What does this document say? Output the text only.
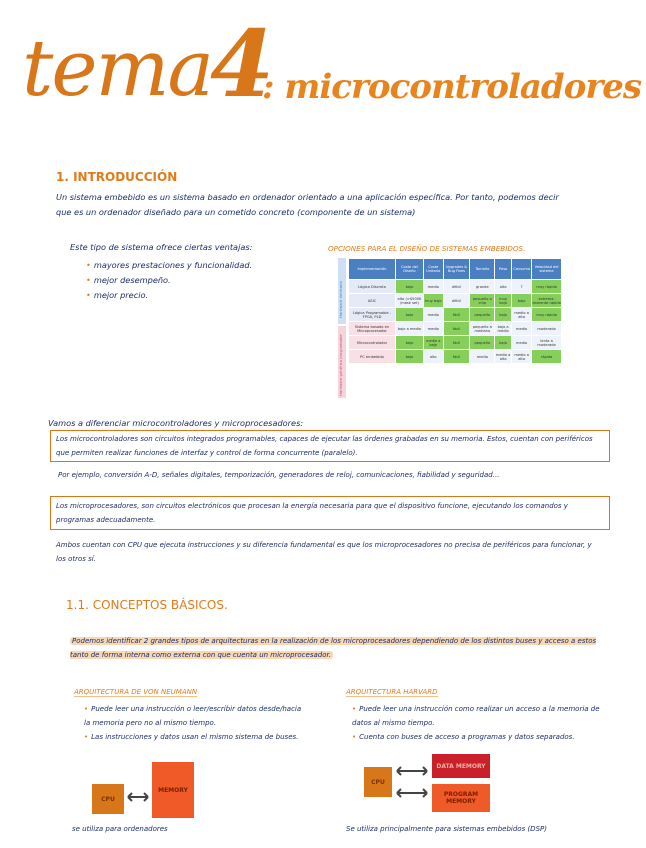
tema
4
: microcontroladores
1. INTRODUCCIÓN
Un sistema embebido es un sistema basado en ordenador orientado a una aplicación específica. Por tanto, podemos decir que es un ordenador diseñado para un cometido concreto (componente de un sistema)
Este tipo de sistema ofrece ciertas ventajas:
• mayores prestaciones y funcionalidad.
• mejor desempeño.
• mejor precio.
OPCIONES PARA EL DISEÑO DE SISTEMAS EMBEBIDOS.
Hardware dedicado
Hardware genérico programable
Implementación	Coste del Diseño	Coste Unitario	Upgrades & Bug Fixes	Tamaño	Peso	Consumo	Velocidad del sistema
Lógica Discreta	bajo	medio	difícil	grande	alto	?	muy rápida
ASIC	alto (>$500K /mask set)	muy bajo	difícil	pequeño o chip	muy bajo	bajo	extrema-damente rápida
Lógica Programable - FPGA, PLD	bajo	medio	fácil	pequeño	bajo	medio a alto	muy rápida
Sistema basado en Microprocesador	bajo a medio	medio	fácil	pequeño a mediano	bajo a medio	medio	moderada
Microcontrolador	bajo	medio a bajo	fácil	pequeño	bajo	medio	lenta a moderada
PC embebido	bajo	alto	fácil	medio	medio a alto	medio a alto	rápida
Vamos a diferenciar microcontroladores y microprocesadores:
Los microcontroladores son circuitos integrados programables, capaces de ejecutar las órdenes grabadas en su memoria. Estos, cuentan con periféricos que permiten realizar funciones de interfaz y control de forma concurrente (paralelo).
Por ejemplo, conversión A-D, señales digitales, temporización, generadores de reloj, comunicaciones, fiabilidad y seguridad...
Los microprocesadores, son circuitos electrónicos que procesan la energía necesaria para que el dispositivo funcione, ejecutando los comandos y programas adecuadamente.
Ambos cuentan con CPU que ejecuta instrucciones y su diferencia fundamental es que los microprocesadores no precisa de periféricos para funcionar, y los otros sí.
1.1. CONCEPTOS BÁSICOS.
Podemos identificar 2 grandes tipos de arquitecturas en la realización de los microprocesadores dependiendo de los distintos buses y acceso a estos tanto de forma interna como externa con que cuenta un microprocesador.
ARQUITECTURA DE VON NEUMANN
• Puede leer una instrucción o leer/escribir datos desde/hacia la memoria pero no al mismo tiempo.
• Las instrucciones y datos usan el mismo sistema de buses.
CPU
MEMORY
se utiliza para ordenadores
ARQUITECTURA HARVARD
• Puede leer una instrucción como realizar un acceso a la memoria de datos al mismo tiempo.
• Cuenta con buses de acceso a programas y datos separados.
CPU
DATA MEMORY
PROGRAM MEMORY
Se utiliza principalmente para sistemas embebidos (DSP)
